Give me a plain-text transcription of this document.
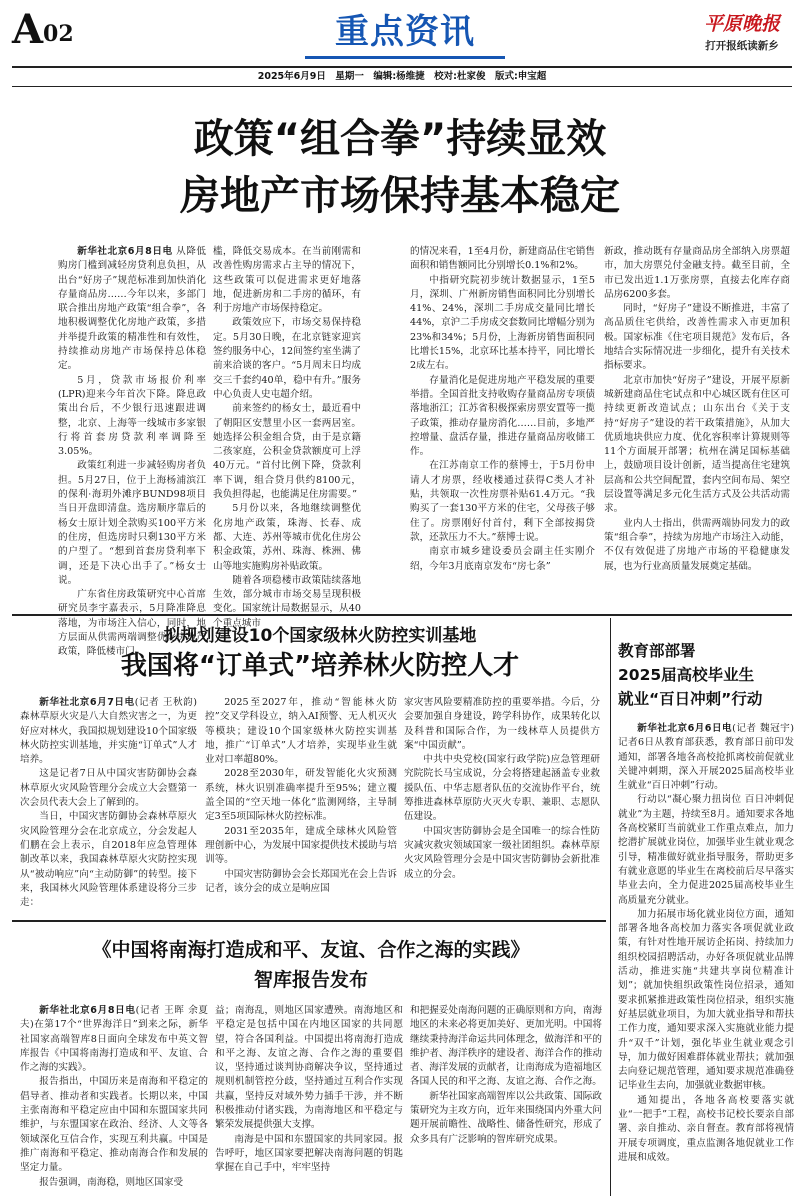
A02	重点资讯	平原晚报
打开报纸读新乡
2025年6月9日　星期一　编辑:杨维捷　校对:杜家俊　版式:申宝超
政策“组合拳”持续显效
房地产市场保持基本稳定

新华社北京6月8日电 从降低购房门槛到减轻房贷利息负担，从出台“好房子”规范标准到加快消化存量商品房……今年以来，多部门联合推出房地产政策“组合拳”，各地积极调整优化房地产政策，多措并举提升政策的精准性和有效性，持续推动房地产市场保持总体稳定。

5月，贷款市场报价利率(LPR)迎来今年首次下降。降息政策出台后，不少银行迅速跟进调整，北京、上海等一线城市多家银行将首套房贷款利率调降至3.05%。

政策红利进一步减轻购房者负担。5月27日，位于上海杨浦滨江的保利·海玥外滩序BUND98项目当日开盘即清盘。选房顺序靠后的杨女士原计划全款购买100平方米的住房，但选房时只剩130平方米的户型了。“想到首套房贷利率下调，还是下决心出手了。”杨女士说。

广东省住房政策研究中心首席研究员李宇嘉表示，5月降准降息落地，为市场注入信心，同时，地方层面从供需两端调整优化房地产政策，降低楼市门

槛，降低交易成本。在当前刚需和改善性购房需求占主导的情况下，这些政策可以促进需求更好地落地，促进新房和二手房的循环，有利于房地产市场保持稳定。

政策效应下，市场交易保持稳定。5月30日晚，在北京链家迎宾签约服务中心，12间签约室坐满了前来洽谈的客户。“5月周末日均成交三千套约40单，稳中有升。”服务中心负责人史屯超介绍。

前来签约的杨女士，最近看中了朝阳区安慧里小区一套两居室。她选择公积金组合贷，由于是京籍二孩家庭，公积金贷款额度可上浮40万元。“首付比例下降，贷款利率下调，组合贷月供约8100元，我负担得起，也能满足住房需要。”

5月份以来，各地继续调整优化房地产政策，珠海、长春、成都、大连、苏州等城市优化住房公积金政策，苏州、珠海、株洲、佛山等地实施购房补贴政策。

随着各项稳楼市政策陆续落地生效，部分城市市场交易呈现积极变化。国家统计局数据显示，从40个重点城市

的情况来看，1至4月份，新建商品住宅销售面积和销售额同比分别增长0.1%和2%。

中指研究院初步统计数据显示，1至5月，深圳、广州新房销售面积同比分别增长41%、24%，深圳二手房成交量同比增长44%，京沪二手房成交套数同比增幅分别为23%和34%；5月份，上海新房销售面积同比增长15%，北京环比基本持平，同比增长2成左右。

存量消化是促进房地产平稳发展的重要举措。全国首批支持收购存量商品房专项债落地浙江；江苏省积极探索房票安置等一揽子政策，推动存量房消化……目前，多地严控增量、盘活存量，推进存量商品房收储工作。

在江苏南京工作的蔡博士，于5月份申请人才房票，经收楼通过获得C类人才补贴，共领取一次性房票补贴61.4万元。“我购买了一套130平方米的住宅，父母孩子够住了。房票刚好付首付，剩下全部按揭贷款，还款压力不大。”蔡博士说。

南京市城乡建设委员会副主任实刚介绍，今年3月底南京发布“房七条”

新政，推动既有存量商品房全部纳入房票超市，加大房票兑付金融支持。截至目前，全市已发出近1.1万张房票，直接去化库存商品房6200多套。

同时，“好房子”建设不断推进，丰富了高品质住宅供给，改善性需求入市更加积极。国家标准《住宅项目规范》发布后，各地结合实际情况进一步细化，提升有关技术指标要求。

北京市加快“好房子”建设，开展平原新城新建商品住宅试点和中心城区既有住区可持续更新改造试点；山东出台《关于支持“好房子”建设的若干政策措施》，从加大优质地块供应力度、优化容积率计算规则等11个方面展开部署；杭州在满足国标基础上，鼓励项目设计创新，适当提高住宅建筑层高和公共空间配置，套内空间布局、架空层设置等满足多元化生活方式及公共活动需求。

业内人士指出，供需两端协同发力的政策“组合拳”，持续为房地产市场注入动能，不仅有效促进了房地产市场的平稳健康发展，也为行业高质量发展奠定基础。

拟规划建设10个国家级林火防控实训基地
我国将“订单式”培养林火防控人才

新华社北京6月7日电(记者 王秋韵)森林草原火灾是八大自然灾害之一，为更好应对林火，我国拟规划建设10个国家级林火防控实训基地，并实施“订单式”人才培养。

这是记者7日从中国灾害防御协会森林草原火灾风险管理分会成立大会暨第一次会员代表大会上了解到的。

当日，中国灾害防御协会森林草原火灾风险管理分会在北京成立，分会发起人们鹏在会上表示，自2018年应急管理体制改革以来，我国森林草原火灾防控实现从“被动响应”向“主动防御”的转型。接下来，我国林火风险管理体系建设将分三步走：

2025至2027年，推动“智能林火防控”交叉学科设立，纳入AI预警、无人机灭火等模块；建设10个国家级林火防控实训基地，推广“订单式”人才培养，实现毕业生就业对口率超80%。

2028至2030年，研发智能化火灾预测系统，林火识别准确率提升至95%；建立覆盖全国的“空天地一体化”监测网络，主导制定3至5项国际林火防控标准。

2031至2035年，建成全球林火风险管理创新中心，为发展中国家提供技术援助与培训等。

中国灾害防御协会会长郑国光在会上告诉记者，该分会的成立是响应国

家灾害风险要精准防控的重要举措。今后，分会要加强自身建设，跨学科协作，成果转化以及科普和国际合作，为一线林草人员提供方案“中国贡献”。

中共中央党校(国家行政学院)应急管理研究院院长马宝成说，分会将搭建起涵盖专业救援队伍、中华志愿者队伍的交流协作平台，统筹推进森林草原防火灭火专职、兼职、志愿队伍建设。

中国灾害防御协会是全国唯一的综合性防灾减灾救灾领域国家一级社团组织。森林草原火灾风险管理分会是中国灾害防御协会新批准成立的分会。

教育部部署
2025届高校毕业生
就业“百日冲刺”行动

新华社北京6月6日电(记者 魏冠宇)记者6日从教育部获悉，教育部日前印发通知，部署各地各高校抢抓离校前促就业关键冲刺期，深入开展2025届高校毕业生就业“百日冲刺”行动。

行动以“凝心聚力扭岗位 百日冲刺促就业”为主题，持续至8月。通知要求各地各高校紧盯当前就业工作重点难点，加力挖潜扩展就业岗位，加强毕业生就业观念引导，精准做好就业指导服务，帮助更多有就业意愿的毕业生在离校前后尽早落实毕业去向，全力促进2025届高校毕业生高质量充分就业。

加力拓展市场化就业岗位方面，通知部署各地各高校加力落实各项促就业政策，有针对性地开展访企拓岗、持续加力组织校园招聘活动，办好各项促就业品牌活动，推进实施“共建共享岗位精准计划”；就加快组织政策性岗位招录，通知要求抓紧推进政策性岗位招录，组织实施好基层就业项目，为加大就业指导和帮扶工作力度，通知要求深入实施就业能力提升“双千”计划，强化毕业生就业观念引导，加力做好困难群体就业帮扶；就加强去向登记规范管理，通知要求规范准确登记毕业生去向，加强就业数据审核。

通知提出，各地各高校要落实就业“一把手”工程，高校书记校长要亲自部署、亲自推动、亲自督查。教育部将视情开展专项调度，重点监测各地促就业工作进展和成效。

《中国将南海打造成和平、友谊、合作之海的实践》
智库报告发布

新华社北京6月8日电(记者 王晖 余夏夫)在第17个“世界海洋日”到来之际，新华社国家高端智库8日面向全球发布中英文智库报告《中国将南海打造成和平、友谊、合作之海的实践》。

报告指出，中国历来是南海和平稳定的倡导者、推动者和实践者。长期以来，中国主张南海和平稳定应由中国和东盟国家共同维护，与东盟国家在政治、经济、人文等各领域深化互信合作，实现互利共赢。中国是推广南海和平稳定、推动南海合作和发展的坚定力量。

报告强调，南海稳，则地区国家受

益；南海乱，则地区国家遭殃。南海地区和平稳定是包括中国在内地区国家的共同愿望，符合各国利益。中国提出将南海打造成和平之海、友谊之海、合作之海的重要倡议，坚持通过谈判协商解决争议，坚持通过规则机制管控分歧，坚持通过互利合作实现共赢，坚持反对域外势力插手干涉，并不断积极推动付诸实践，为南海地区和平稳定与繁荣发展提供强大支撑。

南海是中国和东盟国家的共同家园。报告呼吁，地区国家要把解决南海问题的钥匙掌握在自己手中，牢牢坚持

和把握妥处南海问题的正确原则和方向，南海地区的未来必将更加美好、更加光明。中国将继续秉持海洋命运共同体理念，做海洋和平的维护者、海洋秩序的建设者、海洋合作的推动者、海洋发展的贡献者，让南海成为造福地区各国人民的和平之海、友谊之海、合作之海。

新华社国家高端智库以公共政策、国际政策研究为主攻方向，近年来围绕国内外重大问题开展前瞻性、战略性、储备性研究，形成了众多具有广泛影响的智库研究成果。
